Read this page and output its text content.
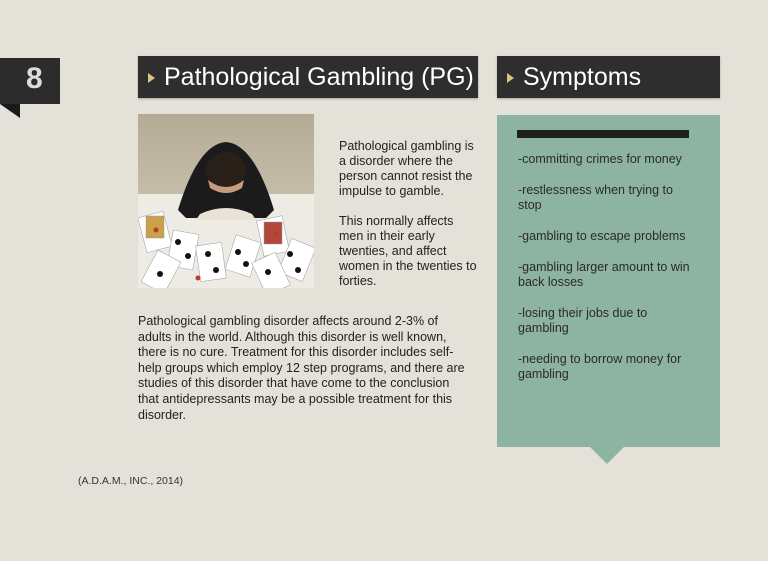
8	Pathological Gambling (PG) Symptoms

Pathological gambling is a disorder where the person cannot resist the impulse to gamble.

This normally affects men in their early twenties, and affect women in the twenties to forties.

Pathological gambling disorder affects around 2-3% of adults in the world. Although this disorder is well known, there is no cure. Treatment for this disorder includes self-help groups which employ 12 step programs, and there are studies of this disorder that have come to the conclusion that antidepressants may be a possible treatment for this disorder.

(A.D.A.M., INC., 2014)
-committing crimes for money
-restlessness when trying to stop
-gambling to escape problems
-gambling larger amount to win back losses
-losing their jobs due to gambling
-needing to borrow money for gambling
